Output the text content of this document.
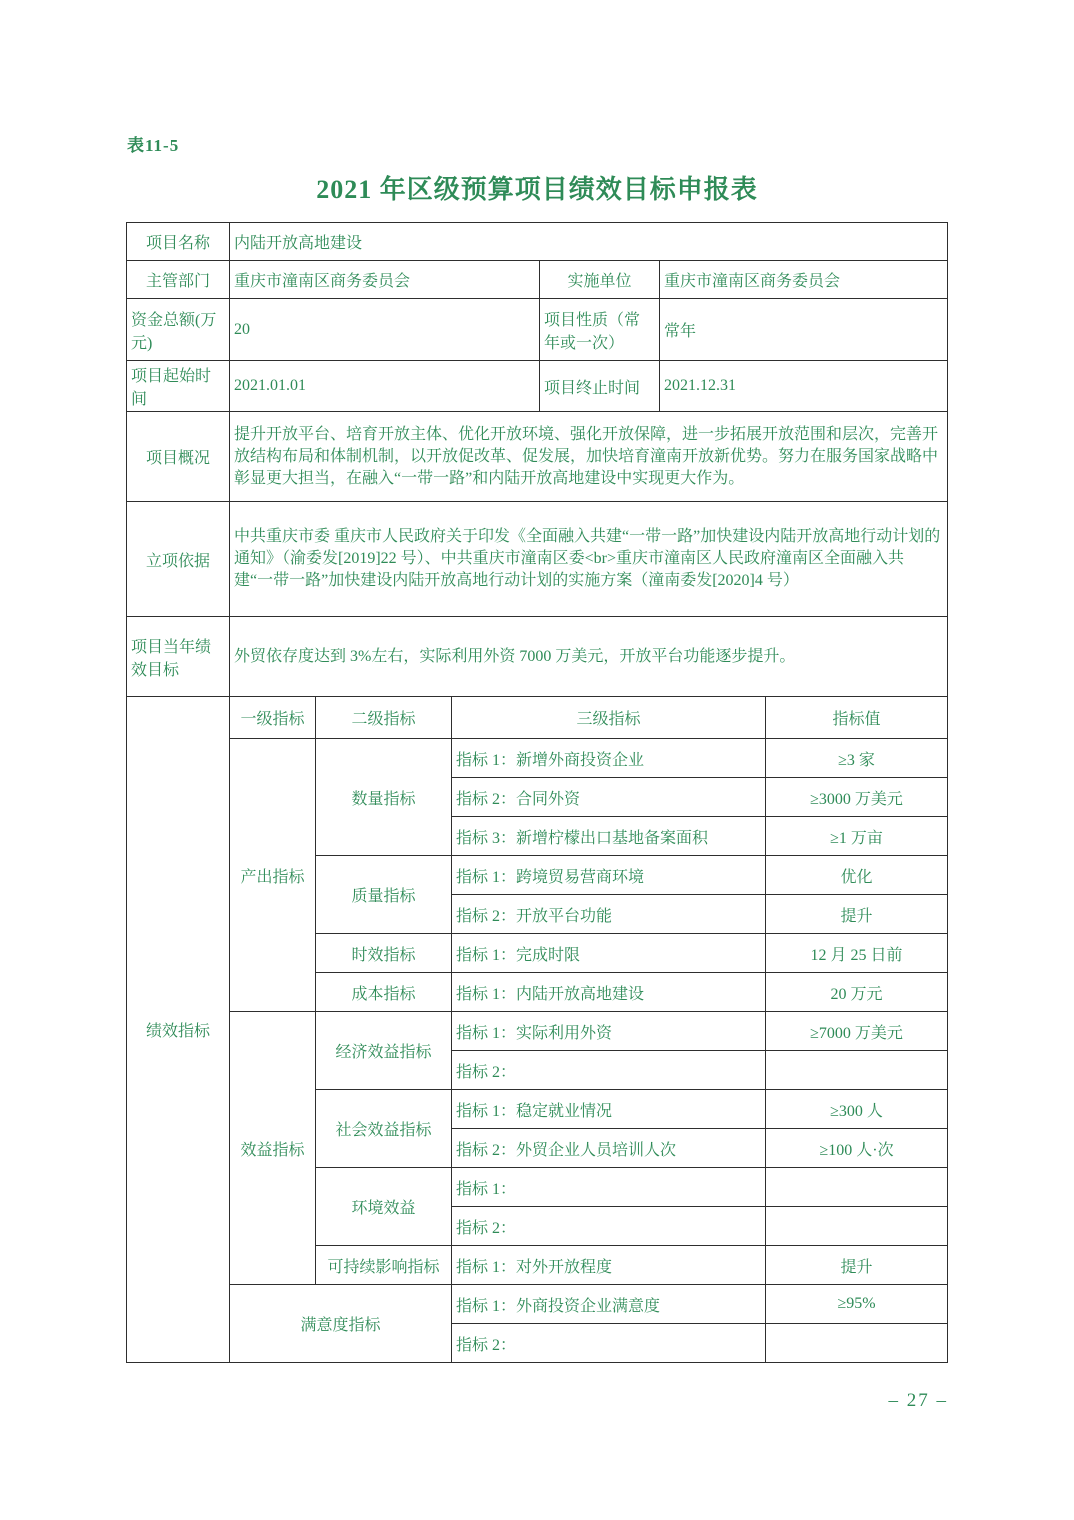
表11-5
2021 年区级预算项目绩效目标申报表
项目名称	内陆开放高地建设					
主管部门	重庆市潼南区商务委员会			实施单位	重庆市潼南区商务委员会	
资金总额(万元)	20			项目性质（常年或一次）	常年	
项目起始时间	2021.01.01			项目终止时间	2021.12.31	
项目概况	提升开放平台、培育开放主体、优化开放环境、强化开放保障，进一步拓展开放范围和层次，完善开放结构布局和体制机制，以开放促改革、促发展，加快培育潼南开放新优势。努力在服务国家战略中彰显更大担当，在融入“一带一路”和内陆开放高地建设中实现更大作为。					
立项依据	中共重庆市委 重庆市人民政府关于印发《全面融入共建“一带一路”加快建设内陆开放高地行动计划的通知》（渝委发[2019]22 号）、中共重庆市潼南区委<br>重庆市潼南区人民政府潼南区全面融入共建“一带一路”加快建设内陆开放高地行动计划的实施方案（潼南委发[2020]4 号）					
项目当年绩效目标	外贸依存度达到 3%左右，实际利用外资 7000 万美元，开放平台功能逐步提升。					
绩效指标	一级指标	二级指标	三级指标			指标值
	产出指标	数量指标	指标 1：新增外商投资企业			≥3 家
			指标 2：合同外资			≥3000 万美元
			指标 3：新增柠檬出口基地备案面积			≥1 万亩
		质量指标	指标 1：跨境贸易营商环境			优化
			指标 2：开放平台功能			提升
		时效指标	指标 1：完成时限			12 月 25 日前
		成本指标	指标 1：内陆开放高地建设			20 万元
	效益指标	经济效益指标	指标 1：实际利用外资			≥7000 万美元
			指标 2：			
		社会效益指标	指标 1：稳定就业情况			≥300 人
			指标 2：外贸企业人员培训人次			≥100 人·次
		环境效益	指标 1：			
			指标 2：			
		可持续影响指标	指标 1：对外开放程度			提升
	满意度指标		指标 1：外商投资企业满意度			≥95%
			指标 2：			
– 27 –
